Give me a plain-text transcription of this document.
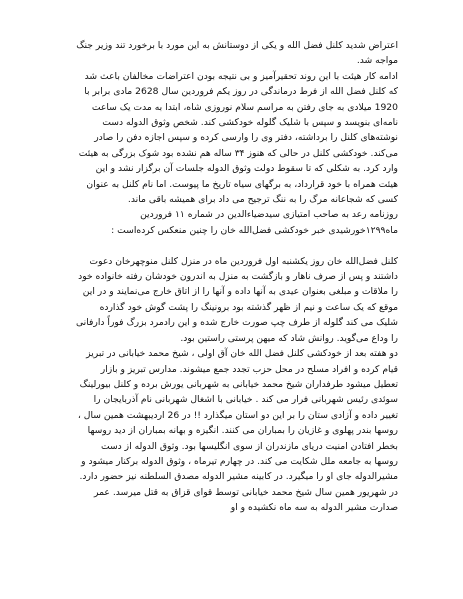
اعتراض شدید کلنل فضل الله و یکی از دوستانش به این مورد با برخورد تند وزیر جنگ مواجه شد.

ادامه کار هیئت با این روند تحقیرآمیز و بی نتیجه بودن اعتراضات مخالفان باعث شد که کلنل فضل الله از فرط درماندگی در روز یکم فروردین سال 2628 مادی برابر با 1920 میلادی به جای رفتن به مراسم سلام نوروزی شاه، ابتدا به مدت یک ساعت نامه‌ای بنویسد و سپس با شلیک گلوله خودکشی کند. شخص وثوق الدوله دست نوشته‌های کلنل را برداشته، دفتر وی را وارسی کرده و سپس اجازه دفن را صادر می‌کند. خودکشی کلنل در حالی که هنوز ۳۴ ساله هم نشده بود شوک بزرگی به هیئت وارد کرد. به شکلی که تا سقوط دولت وثوق الدوله جلسات آن برگزار نشد و این هیئت همراه با خود قرارداد، به برگهای سیاه تاریخ ما پیوست. اما نام کلنل به عنوان کسی که شجاعانه مرگ را به ننگ ترجیح می داد برای همیشه باقی ماند.

روزنامه رعد به صاحب امتیازی سیدضیاءالدین در شماره ۱۱ فروردین ماه۱۲۹۹خورشیدی خبر خودکشی فضل‌الله خان را چنین منعکس کرده‌است :

کلنل فضل‌الله خان روز یکشنبه اول فروردین ماه در منزل کلنل منوچهرخان دعوت داشتند و پس از صرف ناهار و بازگشت به منزل به اندرون خودشان رفته خانواده خود را ملاقات و مبلغی بعنوان عیدی به آنها داده و آنها را از اتاق خارج می‌نمایند و در این موقع که یک ساعت و نیم از ظهر گذشته بود برونینگ را پشت گوش خود گذارده شلیک می کند گلوله از طرف چپ صورت خارج شده و این رادمرد بزرگ فوراً دارفانی را وداع می‌گوید. روانش شاد که میهن پرستی راستین بود.

دو هفته بعد از خودکشی کلنل فضل الله خان آق اولی ، شیخ محمد خیابانی در تبریز قیام کرده و افراد مسلح در محل حزب تجدد جمع میشوند. مدارس تبریز و بازار تعطیل میشود طرفداران شیخ محمد خیابانی به شهربانی یورش برده و کلنل بیورلینگ سوئدی رئیس شهربانی فرار می کند . خیابانی با اشغال شهربانی نام آذربایجان را تغییر داده و آزادی ستان را بر این دو استان میگذارد !! در 26 اردیبهشت همین سال ، روسها بندر پهلوی و غازیان را بمباران می کنند. انگیزه و بهانه بمباران از دید روسها بخطر افتادن امنیت دریای مازندران از سوی انگلیسها بود. وثوق الدوله از دست روسها به جامعه ملل شکایت می کند. در چهارم تیرماه ، وثوق الدوله برکنار میشود و مشیرالدوله جای او را میگیرد. در کابینه مشیر الدوله مصدق السلطنه نیز حضور دارد. در شهریور همین سال شیخ محمد خیابانی توسط قوای قزاق به قتل میرسد. عمر صدارت مشیر الدوله به سه ماه نکشیده و او
